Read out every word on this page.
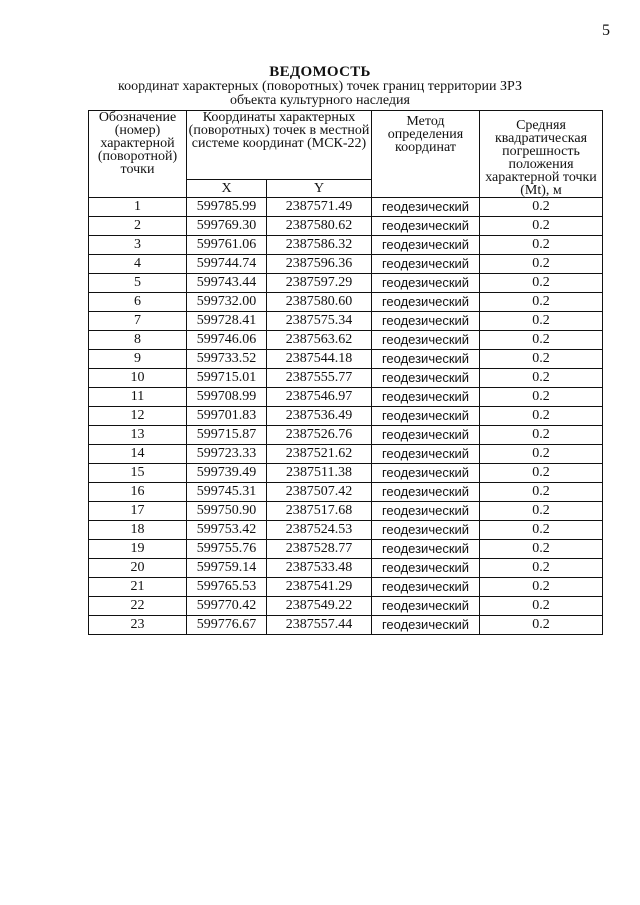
5
ВЕДОМОСТЬ
координат характерных (поворотных) точек границ территории ЗРЗ
объекта культурного наследия
Обозначение (номер) характерной (поворотной) точки	Координаты характерных (поворотных) точек в местной системе координат (МСК-22)		Метод определения координат	Средняя квадратическая погрешность положения характерной точки (Mt), м
	X	Y		
1	599785.99	2387571.49	геодезический	0.2
2	599769.30	2387580.62	геодезический	0.2
3	599761.06	2387586.32	геодезический	0.2
4	599744.74	2387596.36	геодезический	0.2
5	599743.44	2387597.29	геодезический	0.2
6	599732.00	2387580.60	геодезический	0.2
7	599728.41	2387575.34	геодезический	0.2
8	599746.06	2387563.62	геодезический	0.2
9	599733.52	2387544.18	геодезический	0.2
10	599715.01	2387555.77	геодезический	0.2
11	599708.99	2387546.97	геодезический	0.2
12	599701.83	2387536.49	геодезический	0.2
13	599715.87	2387526.76	геодезический	0.2
14	599723.33	2387521.62	геодезический	0.2
15	599739.49	2387511.38	геодезический	0.2
16	599745.31	2387507.42	геодезический	0.2
17	599750.90	2387517.68	геодезический	0.2
18	599753.42	2387524.53	геодезический	0.2
19	599755.76	2387528.77	геодезический	0.2
20	599759.14	2387533.48	геодезический	0.2
21	599765.53	2387541.29	геодезический	0.2
22	599770.42	2387549.22	геодезический	0.2
23	599776.67	2387557.44	геодезический	0.2
